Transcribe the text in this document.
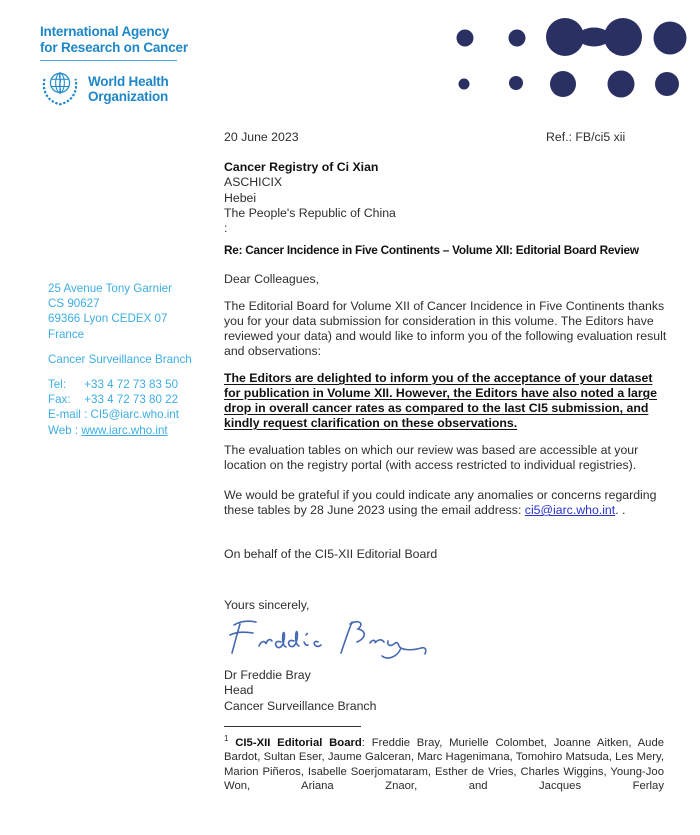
International Agency
for Research on Cancer
World Health
Organization
25 Avenue Tony Garnier
CS 90627
69366 Lyon CEDEX 07
France
Cancer Surveillance Branch
Tel: +33 4 72 73 83 50
Fax: +33 4 72 73 80 22
E-mail : CI5@iarc.who.int
Web : www.iarc.who.int
20 June 2023	Ref.: FB/ci5 xii
Cancer Registry of Ci Xian
ASCHICIX
Hebei
The People's Republic of China
:
Re: Cancer Incidence in Five Continents – Volume XII: Editorial Board Review
Dear Colleagues,
The Editorial Board for Volume XII of Cancer Incidence in Five Continents thanks you for your data submission for consideration in this volume. The Editors have reviewed your data) and would like to inform you of the following evaluation result and observations:
The Editors are delighted to inform you of the acceptance of your dataset for publication in Volume XII. However, the Editors have also noted a large drop in overall cancer rates as compared to the last CI5 submission, and kindly request clarification on these observations.
The evaluation tables on which our review was based are accessible at your location on the registry portal (with access restricted to individual registries).
We would be grateful if you could indicate any anomalies or concerns regarding these tables by 28 June 2023 using the email address: ci5@iarc.who.int. .
On behalf of the CI5-XII Editorial Board
Yours sincerely,
Dr Freddie Bray
Head
Cancer Surveillance Branch
$^1$ CI5-XII Editorial Board: Freddie Bray, Murielle Colombet, Joanne Aitken, Aude Bardot, Sultan Eser, Jaume Galceran, Marc Hagenimana, Tomohiro Matsuda, Les Mery, Marion Piñeros, Isabelle Soerjomataram, Esther de Vries, Charles Wiggins, Young-Joo Won, Ariana Znaor, and Jacques Ferlay
